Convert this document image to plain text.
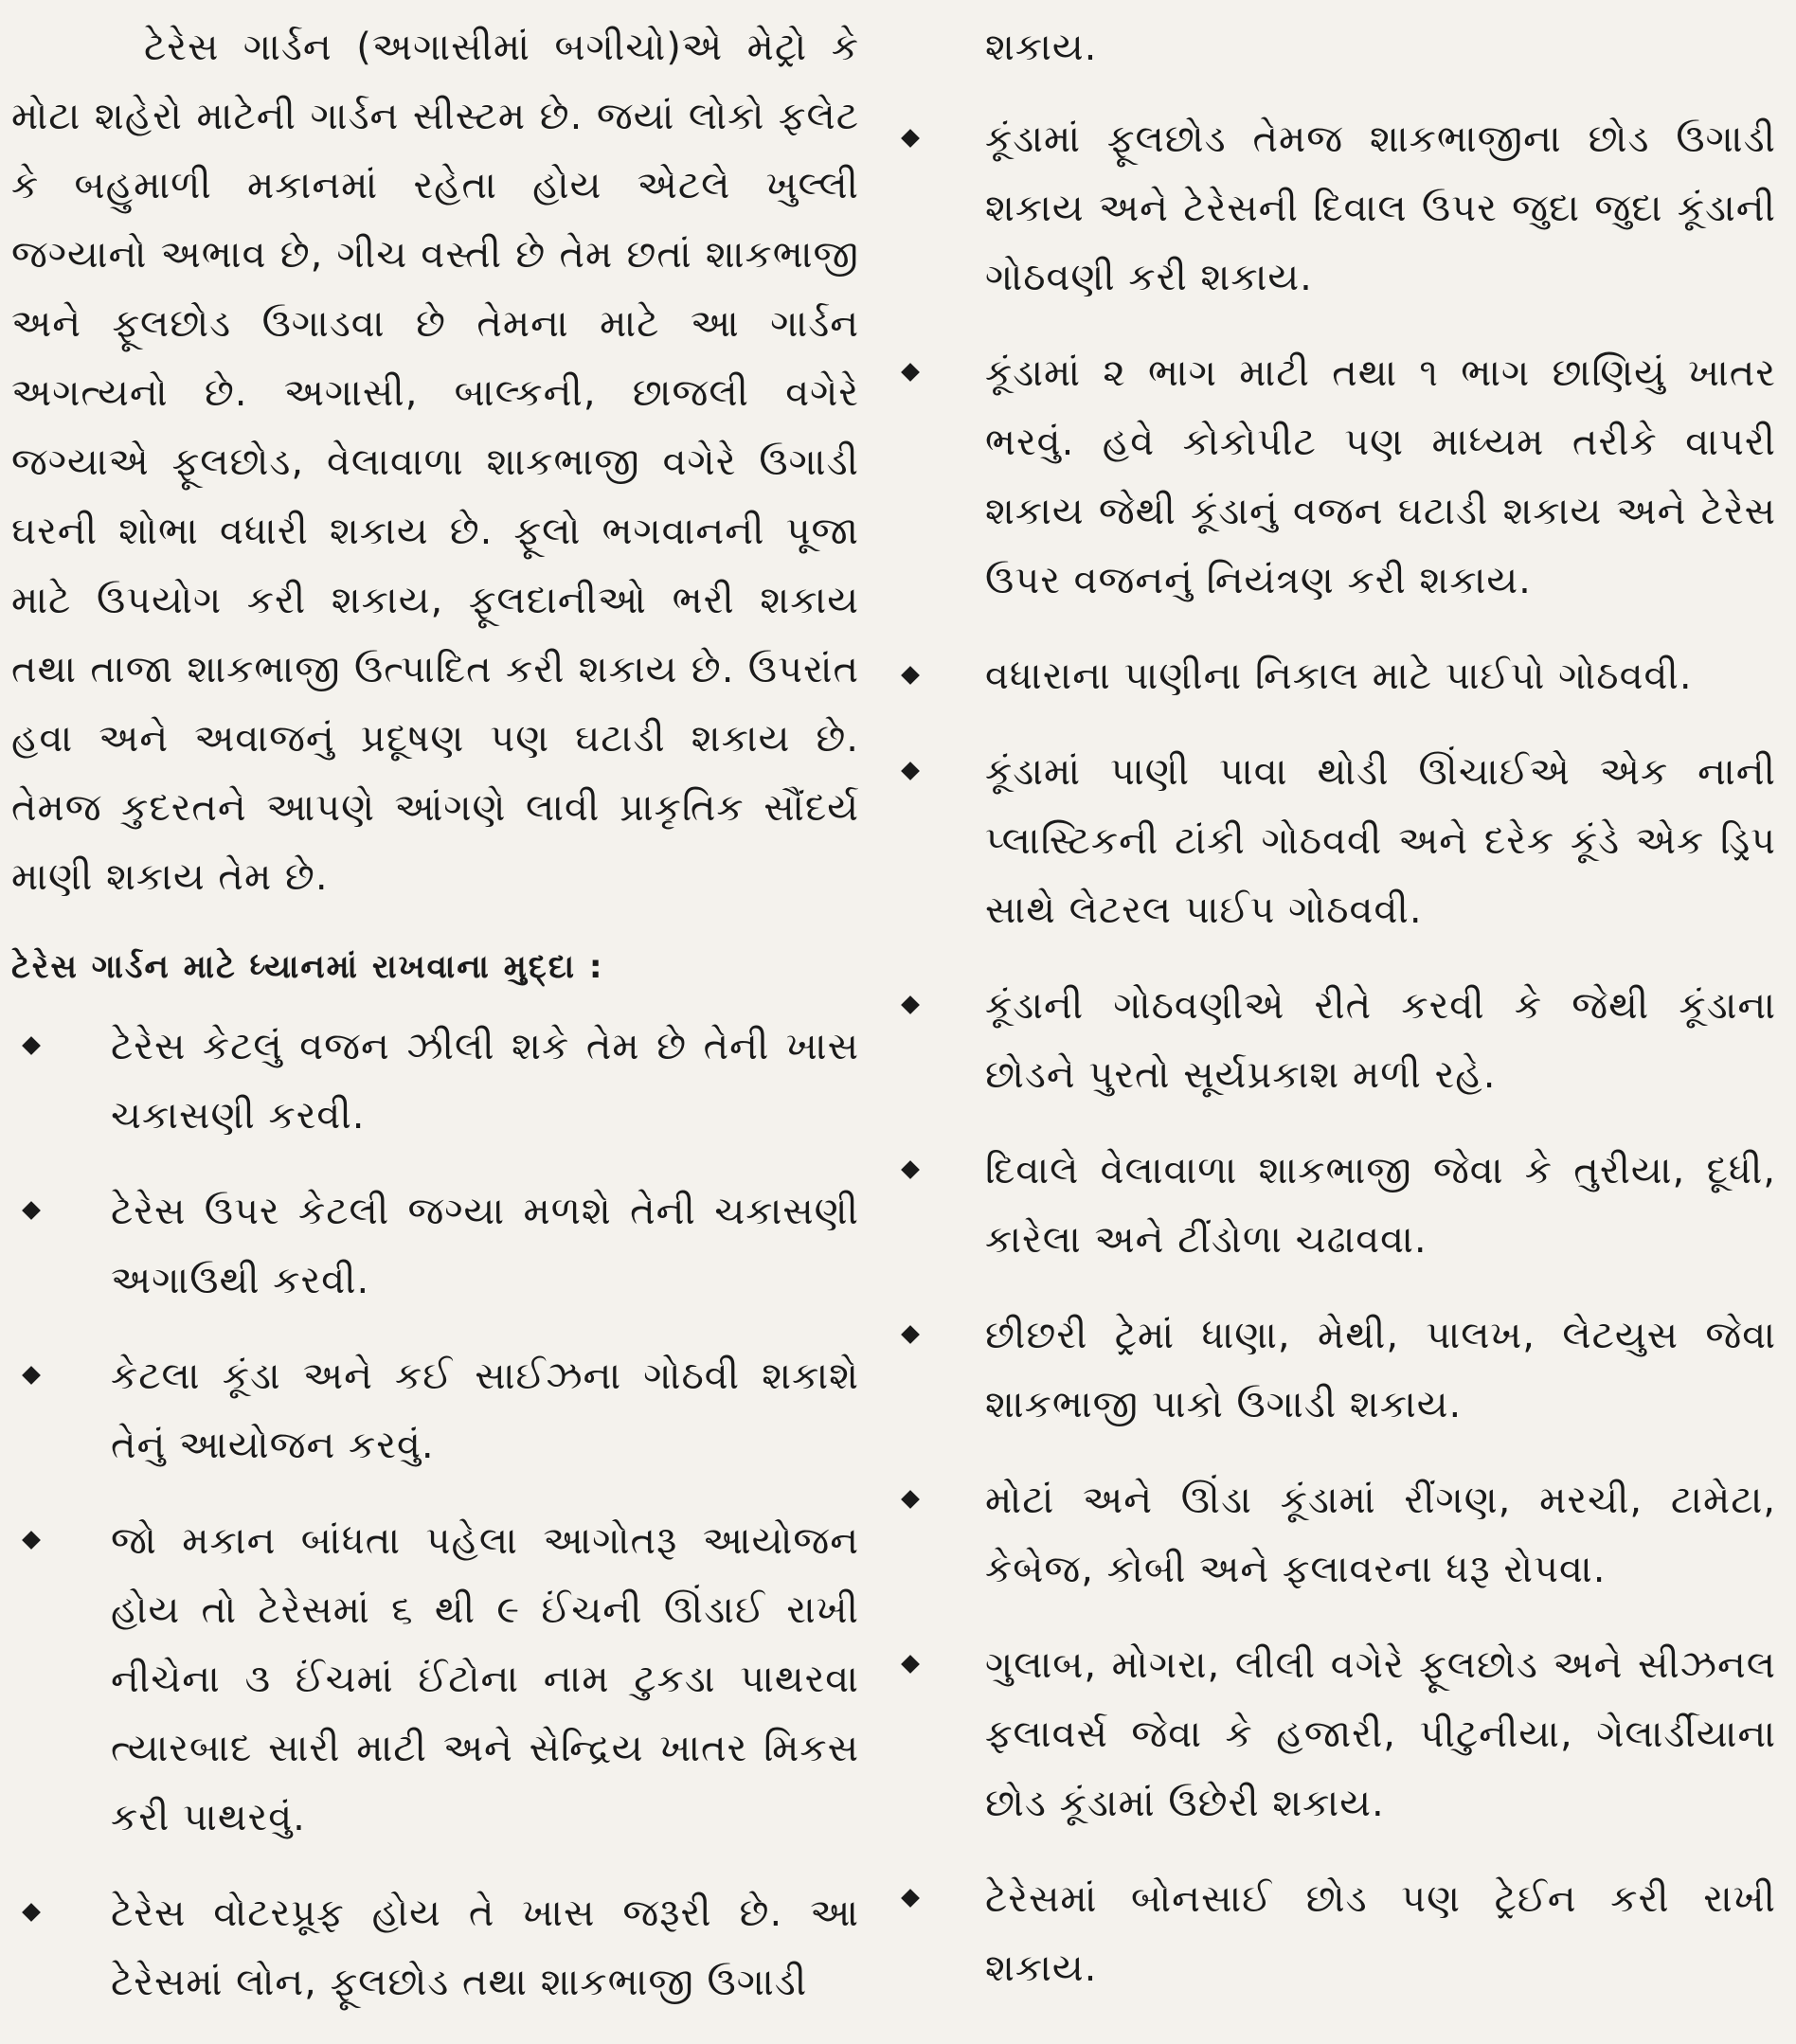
ટેરેસ ગાર્ડન (અગાસીમાં બગીચો)એ મેટ્રો કે મોટા શહેરો માટેની ગાર્ડન સીસ્ટમ છે. જયાં લોકો ફલેટ કે બહુમાળી મકાનમાં રહેતા હોય એટલે ખુલ્લી જગ્યાનો અભાવ છે, ગીચ વસ્તી છે તેમ છતાં શાકભાજી અને ફૂલછોડ ઉગાડવા છે તેમના માટે આ ગાર્ડન અગત્યનો છે. અગાસી, બાલ્કની, છાજલી વગેરે જગ્યાએ ફૂલછોડ, વેલાવાળા શાકભાજી વગેરે ઉગાડી ઘરની શોભા વધારી શકાય છે. ફૂલો ભગવાનની પૂજા માટે ઉપયોગ કરી શકાય, ફૂલદાનીઓ ભરી શકાય તથા તાજા શાકભાજી ઉત્પાદિત કરી શકાય છે. ઉપરાંત હવા અને અવાજનું પ્રદૂષણ પણ ઘટાડી શકાય છે. તેમજ કુદરતને આપણે આંગણે લાવી પ્રાકૃતિક સૌંદર્ય માણી શકાય તેમ છે.

ટેરેસ ગાર્ડન માટે ધ્યાનમાં રાખવાના મુદ્દા :
ટેરેસ કેટલું વજન ઝીલી શકે તેમ છે તેની ખાસ ચકાસણી કરવી.
ટેરેસ ઉપર કેટલી જગ્યા મળશે તેની ચકાસણી અગાઉથી કરવી.
કેટલા કૂંડા અને કઈ સાઈઝના ગોઠવી શકાશે તેનું આયોજન કરવું.
જો મકાન બાંધતા પહેલા આગોતરૂ આયોજન હોય તો ટેરેસમાં ૬ થી ૯ ઈંચની ઊંડાઈ રાખી નીચેના ૩ ઈંચમાં ઈંટોના નામ ટુકડા પાથરવા ત્યારબાદ સારી માટી અને સેન્દ્રિય ખાતર મિકસ કરી પાથરવું.
ટેરેસ વોટરપ્રૂફ હોય તે ખાસ જરૂરી છે. આ ટેરેસમાં લોન, ફૂલછોડ તથા શાકભાજી ઉગાડી

શકાય.

કૂંડામાં ફૂલછોડ તેમજ શાકભાજીના છોડ ઉગાડી શકાય અને ટેરેસની દિવાલ ઉપર જુદા જુદા કૂંડાની ગોઠવણી કરી શકાય.
કૂંડામાં ૨ ભાગ માટી તથા ૧ ભાગ છાણિયું ખાતર ભરવું. હવે કોકોપીટ પણ માધ્યમ તરીકે વાપરી શકાય જેથી કૂંડાનું વજન ઘટાડી શકાય અને ટેરેસ ઉપર વજનનું નિયંત્રણ કરી શકાય.
વધારાના પાણીના નિકાલ માટે પાઈપો ગોઠવવી.
કૂંડામાં પાણી પાવા થોડી ઊંચાઈએ એક નાની પ્લાસ્ટિકની ટાંકી ગોઠવવી અને દરેક કૂંડે એક ડ્રિપ સાથે લેટરલ પાઈપ ગોઠવવી.
કૂંડાની ગોઠવણીએ રીતે કરવી કે જેથી કૂંડાના છોડને પુરતો સૂર્યપ્રકાશ મળી રહે.
દિવાલે વેલાવાળા શાકભાજી જેવા કે તુરીયા, દૂધી, કારેલા અને ટીંડોળા ચઢાવવા.
છીછરી ટ્રેમાં ધાણા, મેથી, પાલખ, લેટયુસ જેવા શાકભાજી પાકો ઉગાડી શકાય.
મોટાં અને ઊંડા કૂંડામાં રીંગણ, મરચી, ટામેટા, કેબેજ, કોબી અને ફલાવરના ધરૂ રોપવા.
ગુલાબ, મોગરા, લીલી વગેરે ફૂલછોડ અને સીઝનલ ફલાવર્સ જેવા કે હજારી, પીટુનીયા, ગેલાર્ડીયાના છોડ કૂંડામાં ઉછેરી શકાય.
ટેરેસમાં બોનસાઈ છોડ પણ ટ્રેઈન કરી રાખી શકાય.
